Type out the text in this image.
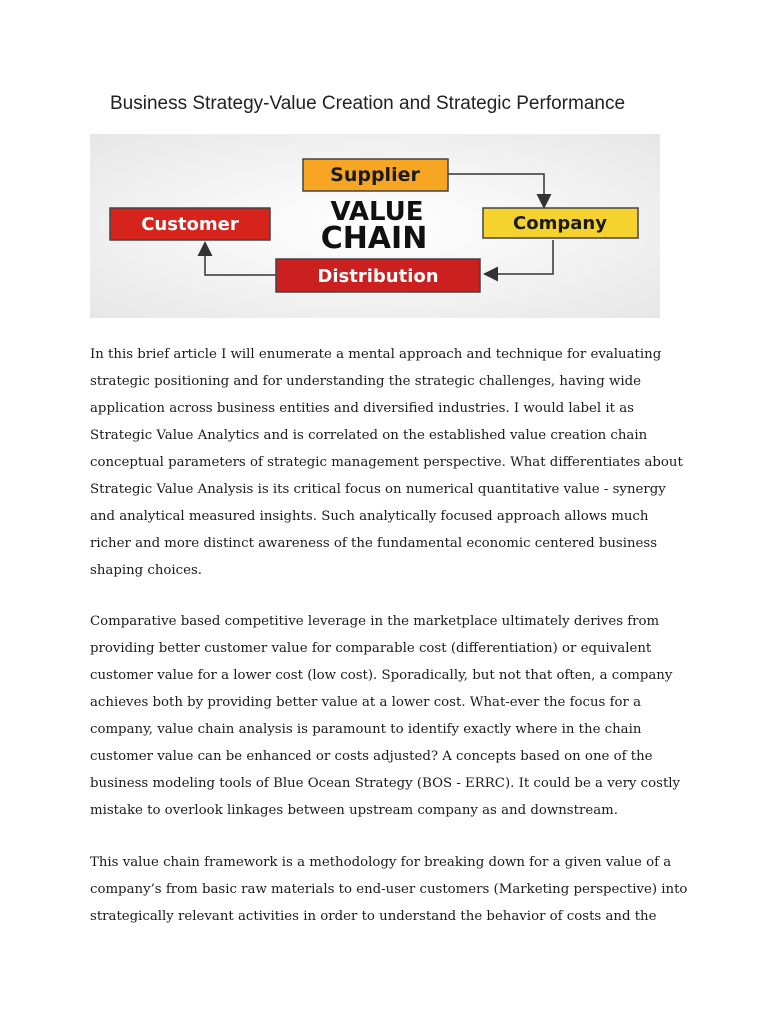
Business Strategy-Value Creation and Strategic Performance
Supplier
Company
Customer
Distribution
VALUE
CHAIN
In this brief article I will enumerate a mental approach and technique for evaluating
strategic positioning and for understanding the strategic challenges, having wide
application across business entities and diversified industries. I would label it as
Strategic Value Analytics and is correlated on the established value creation chain
conceptual parameters of strategic management perspective. What differentiates about
Strategic Value Analysis is its critical focus on numerical quantitative value - synergy
and analytical measured insights. Such analytically focused approach allows much
richer and more distinct awareness of the fundamental economic centered business
shaping choices.
Comparative based competitive leverage in the marketplace ultimately derives from
providing better customer value for comparable cost (differentiation) or equivalent
customer value for a lower cost (low cost). Sporadically, but not that often, a company
achieves both by providing better value at a lower cost. What-ever the focus for a
company, value chain analysis is paramount to identify exactly where in the chain
customer value can be enhanced or costs adjusted? A concepts based on one of the
business modeling tools of Blue Ocean Strategy (BOS - ERRC). It could be a very costly
mistake to overlook linkages between upstream company as and downstream.
This value chain framework is a methodology for breaking down for a given value of a
company’s from basic raw materials to end-user customers (Marketing perspective) into
strategically relevant activities in order to understand the behavior of costs and the
